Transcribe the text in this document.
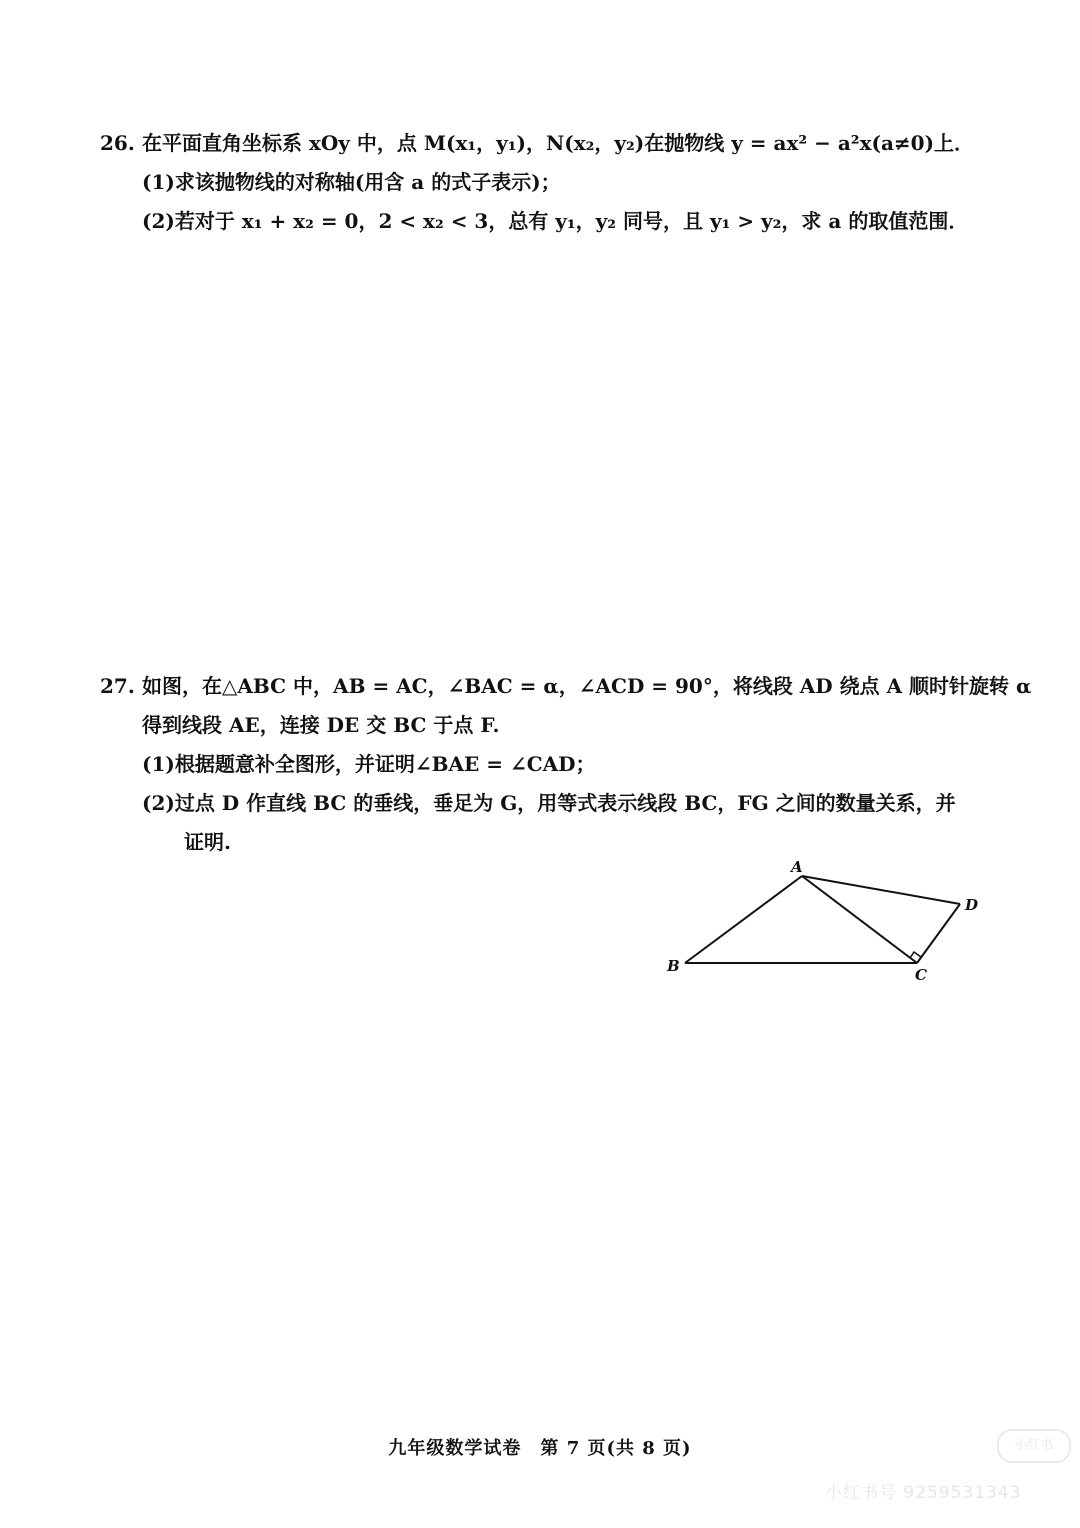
26. 在平面直角坐标系 xOy 中，点 M(x₁，y₁)，N(x₂，y₂)在抛物线 y = ax² − a²x(a≠0)上．
(1)求该抛物线的对称轴(用含 a 的式子表示)；
(2)若对于 x₁ + x₂ = 0，2 < x₂ < 3，总有 y₁，y₂ 同号，且 y₁ > y₂，求 a 的取值范围．
27. 如图，在△ABC 中，AB = AC，∠BAC = α，∠ACD = 90°，将线段 AD 绕点 A 顺时针旋转 α
得到线段 AE，连接 DE 交 BC 于点 F.
(1)根据题意补全图形，并证明∠BAE = ∠CAD；
(2)过点 D 作直线 BC 的垂线，垂足为 G，用等式表示线段 BC，FG 之间的数量关系，并
证明.
A
B	C
D
九年级数学试卷　第 7 页(共 8 页)	小红书
小红书号 9259531343
